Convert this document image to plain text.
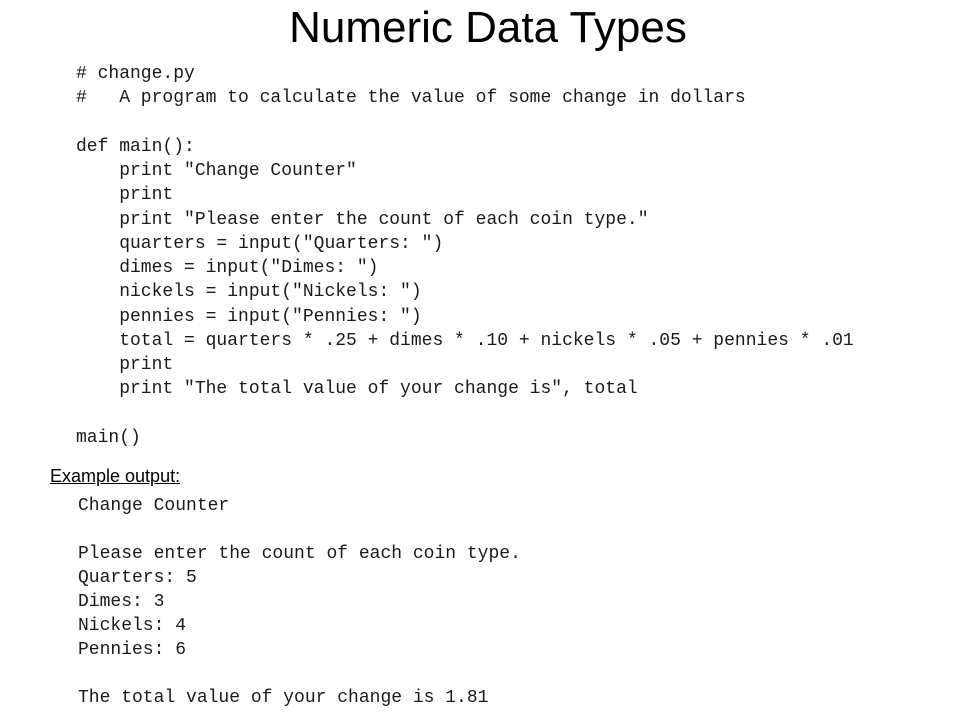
Numeric Data Types
# change.py
#   A program to calculate the value of some change in dollars
def main():
print "Change Counter"
print
print "Please enter the count of each coin type."
quarters = input("Quarters: ")
dimes = input("Dimes: ")
nickels = input("Nickels: ")
pennies = input("Pennies: ")
total = quarters * .25 + dimes * .10 + nickels * .05 + pennies * .01
print
print "The total value of your change is", total
main()
Example output:
Change Counter
Please enter the count of each coin type.
Quarters: 5
Dimes: 3
Nickels: 4
Pennies: 6
The total value of your change is 1.81
